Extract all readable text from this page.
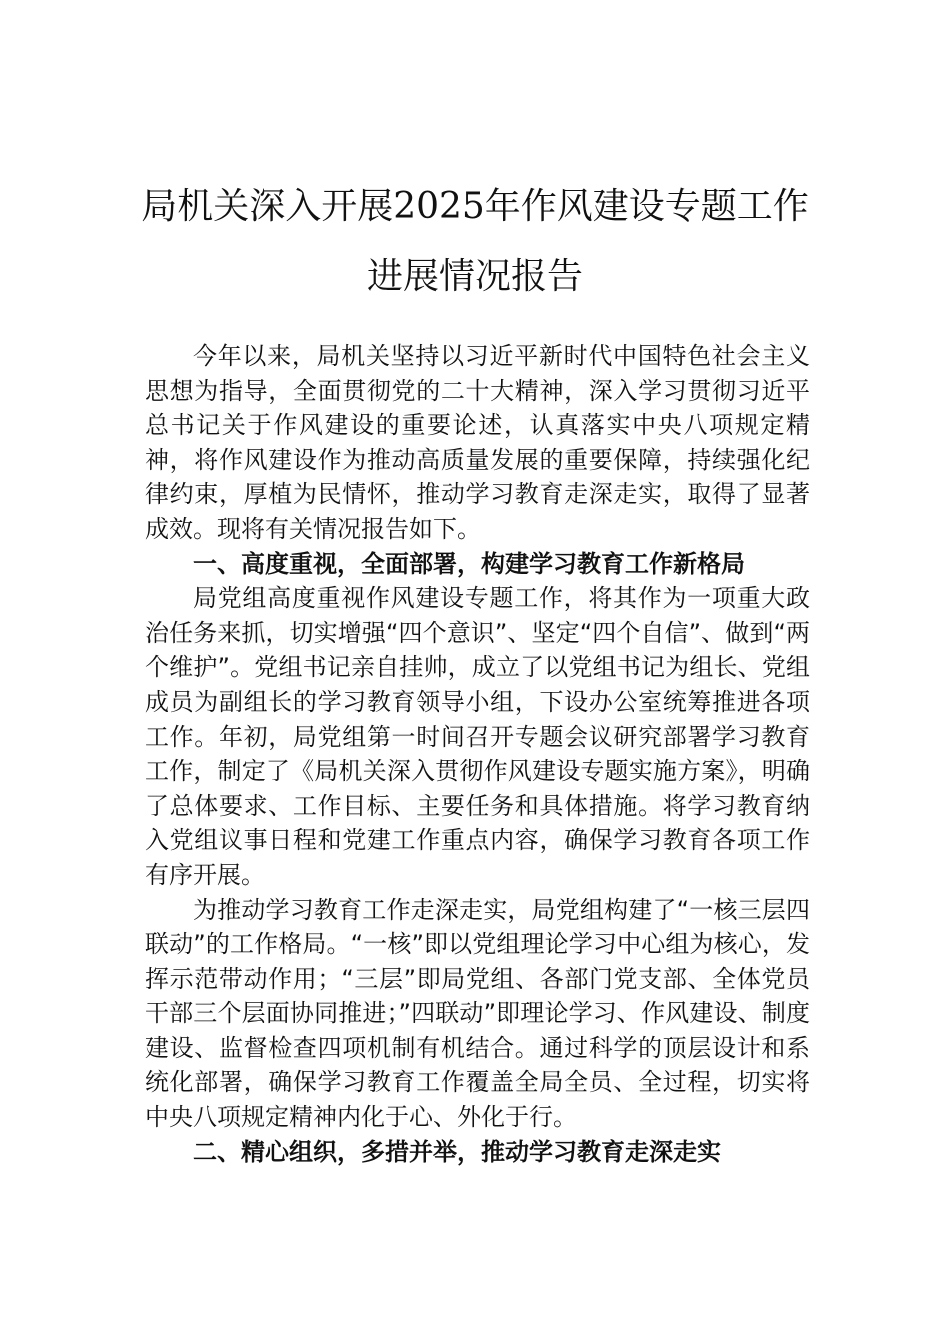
局机关深入开展2025年作风建设专题工作
进展情况报告

今年以来，局机关坚持以习近平新时代中国特色社会主义思想为指导，全面贯彻党的二十大精神，深入学习贯彻习近平总书记关于作风建设的重要论述，认真落实中央八项规定精神，将作风建设作为推动高质量发展的重要保障，持续强化纪律约束，厚植为民情怀，推动学习教育走深走实，取得了显著成效。现将有关情况报告如下。

一、高度重视，全面部署，构建学习教育工作新格局

局党组高度重视作风建设专题工作，将其作为一项重大政治任务来抓，切实增强“四个意识”、坚定“四个自信”、做到“两个维护”。党组书记亲自挂帅，成立了以党组书记为组长、党组成员为副组长的学习教育领导小组，下设办公室统筹推进各项工作。年初，局党组第一时间召开专题会议研究部署学习教育工作，制定了《局机关深入贯彻作风建设专题实施方案》，明确了总体要求、工作目标、主要任务和具体措施。将学习教育纳入党组议事日程和党建工作重点内容，确保学习教育各项工作有序开展。

为推动学习教育工作走深走实，局党组构建了“一核三层四联动”的工作格局。“一核”即以党组理论学习中心组为核心，发挥示范带动作用；“三层”即局党组、各部门党支部、全体党员干部三个层面协同推进；”四联动”即理论学习、作风建设、制度建设、监督检查四项机制有机结合。通过科学的顶层设计和系统化部署，确保学习教育工作覆盖全局全员、全过程，切实将中央八项规定精神内化于心、外化于行。

二、精心组织，多措并举，推动学习教育走深走实
